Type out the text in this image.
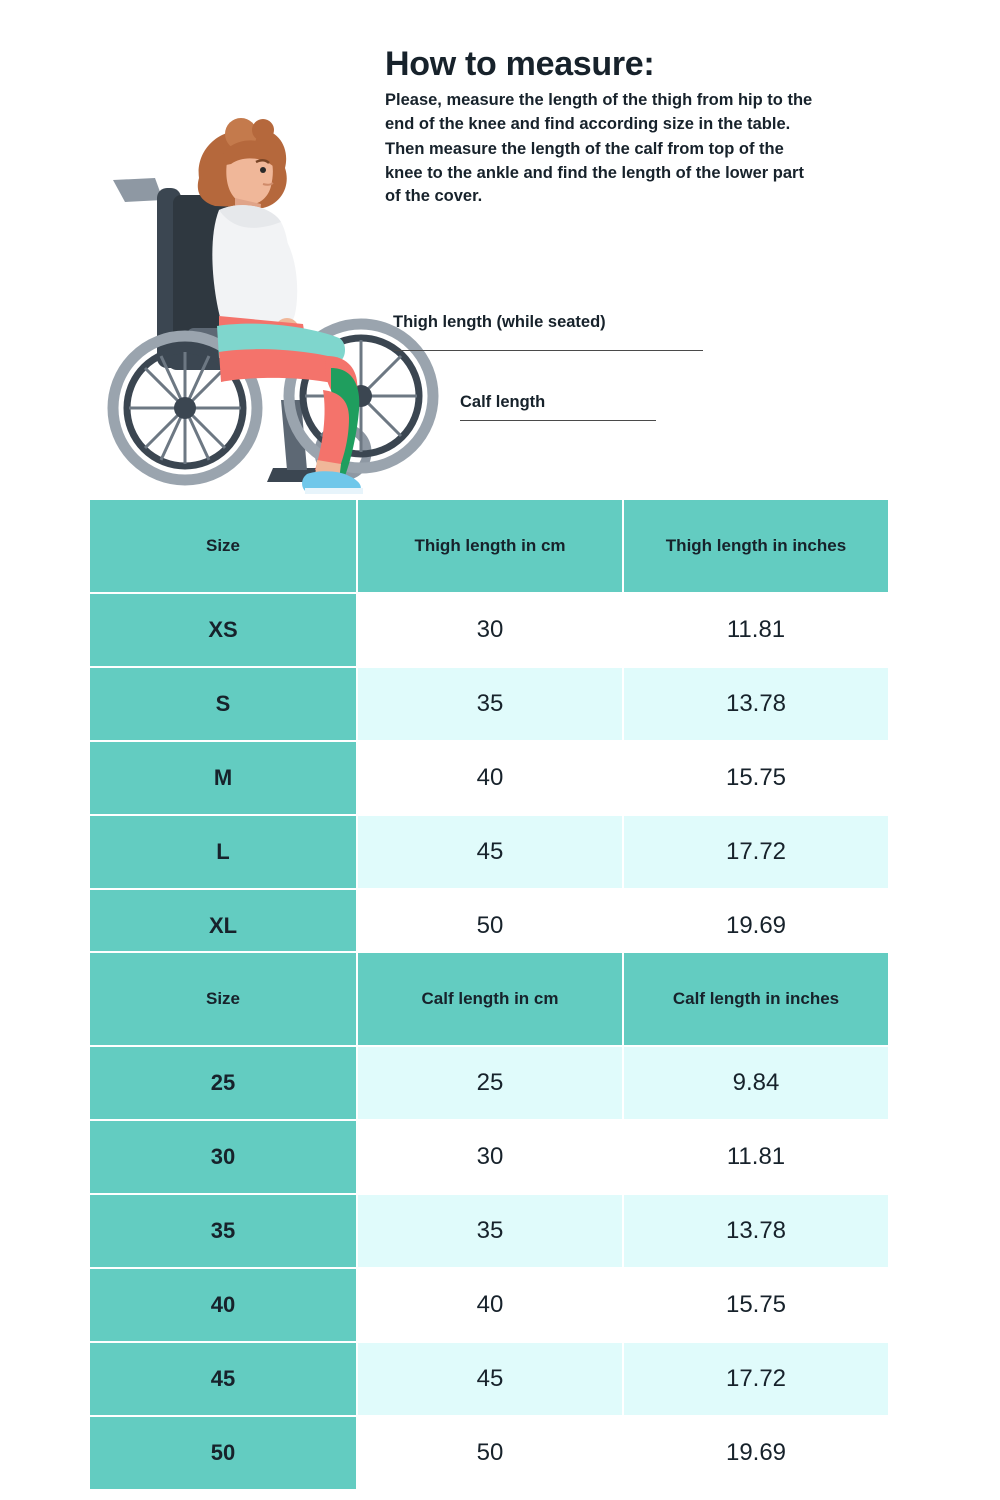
How to measure:

Please, measure the length of the thigh from hip to the end of the knee and find according size in the table.

Then measure the length of the calf from top of the knee to the ankle and find the length of the lower part of the cover.

Thigh length (while seated)
Calf length
Size	Thigh length in cm	Thigh length in inches
XS	30	11.81
S	35	13.78
M	40	15.75
L	45	17.72
XL	50	19.69
Size	Calf length in cm	Calf length in inches
25	25	9.84
30	30	11.81
35	35	13.78
40	40	15.75
45	45	17.72
50	50	19.69
